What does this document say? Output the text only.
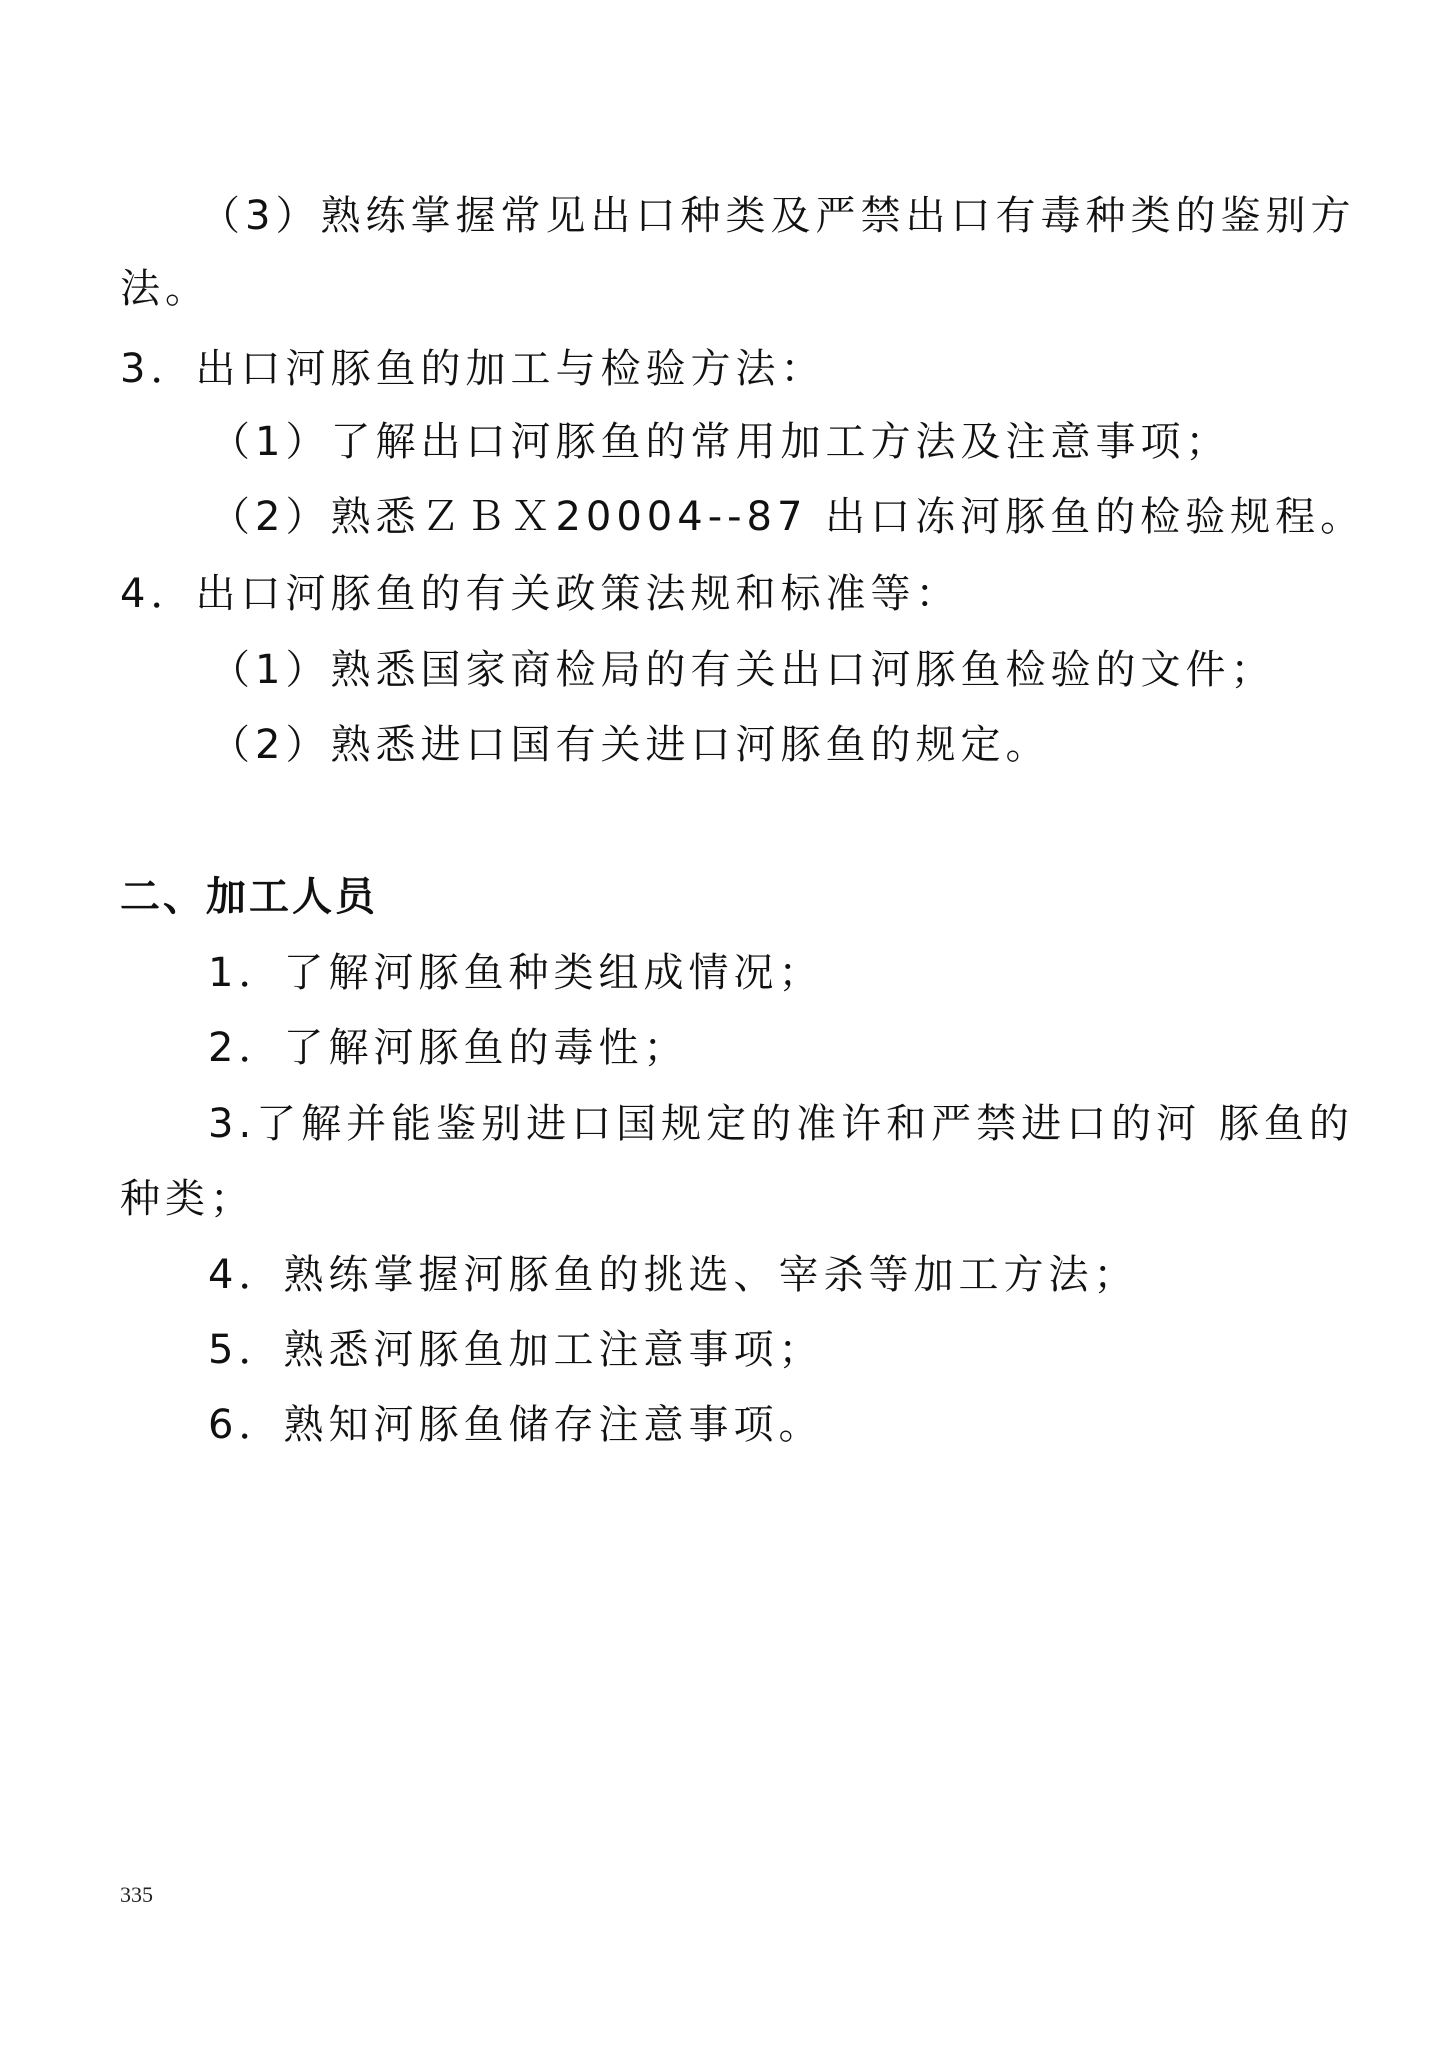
（3）熟练掌握常见出口种类及严禁出口有毒种类的鉴别方
法。
3．出口河豚鱼的加工与检验方法：
（1）了解出口河豚鱼的常用加工方法及注意事项；
（2）熟悉ＺＢＸ20004--87 出口冻河豚鱼的检验规程。
4．出口河豚鱼的有关政策法规和标准等：
（1）熟悉国家商检局的有关出口河豚鱼检验的文件；
（2）熟悉进口国有关进口河豚鱼的规定。
二、加工人员
1．了解河豚鱼种类组成情况；
2．了解河豚鱼的毒性；
3.了解并能鉴别进口国规定的准许和严禁进口的河 豚鱼的
种类；
4．熟练掌握河豚鱼的挑选、宰杀等加工方法；
5．熟悉河豚鱼加工注意事项；
6．熟知河豚鱼储存注意事项。
335
